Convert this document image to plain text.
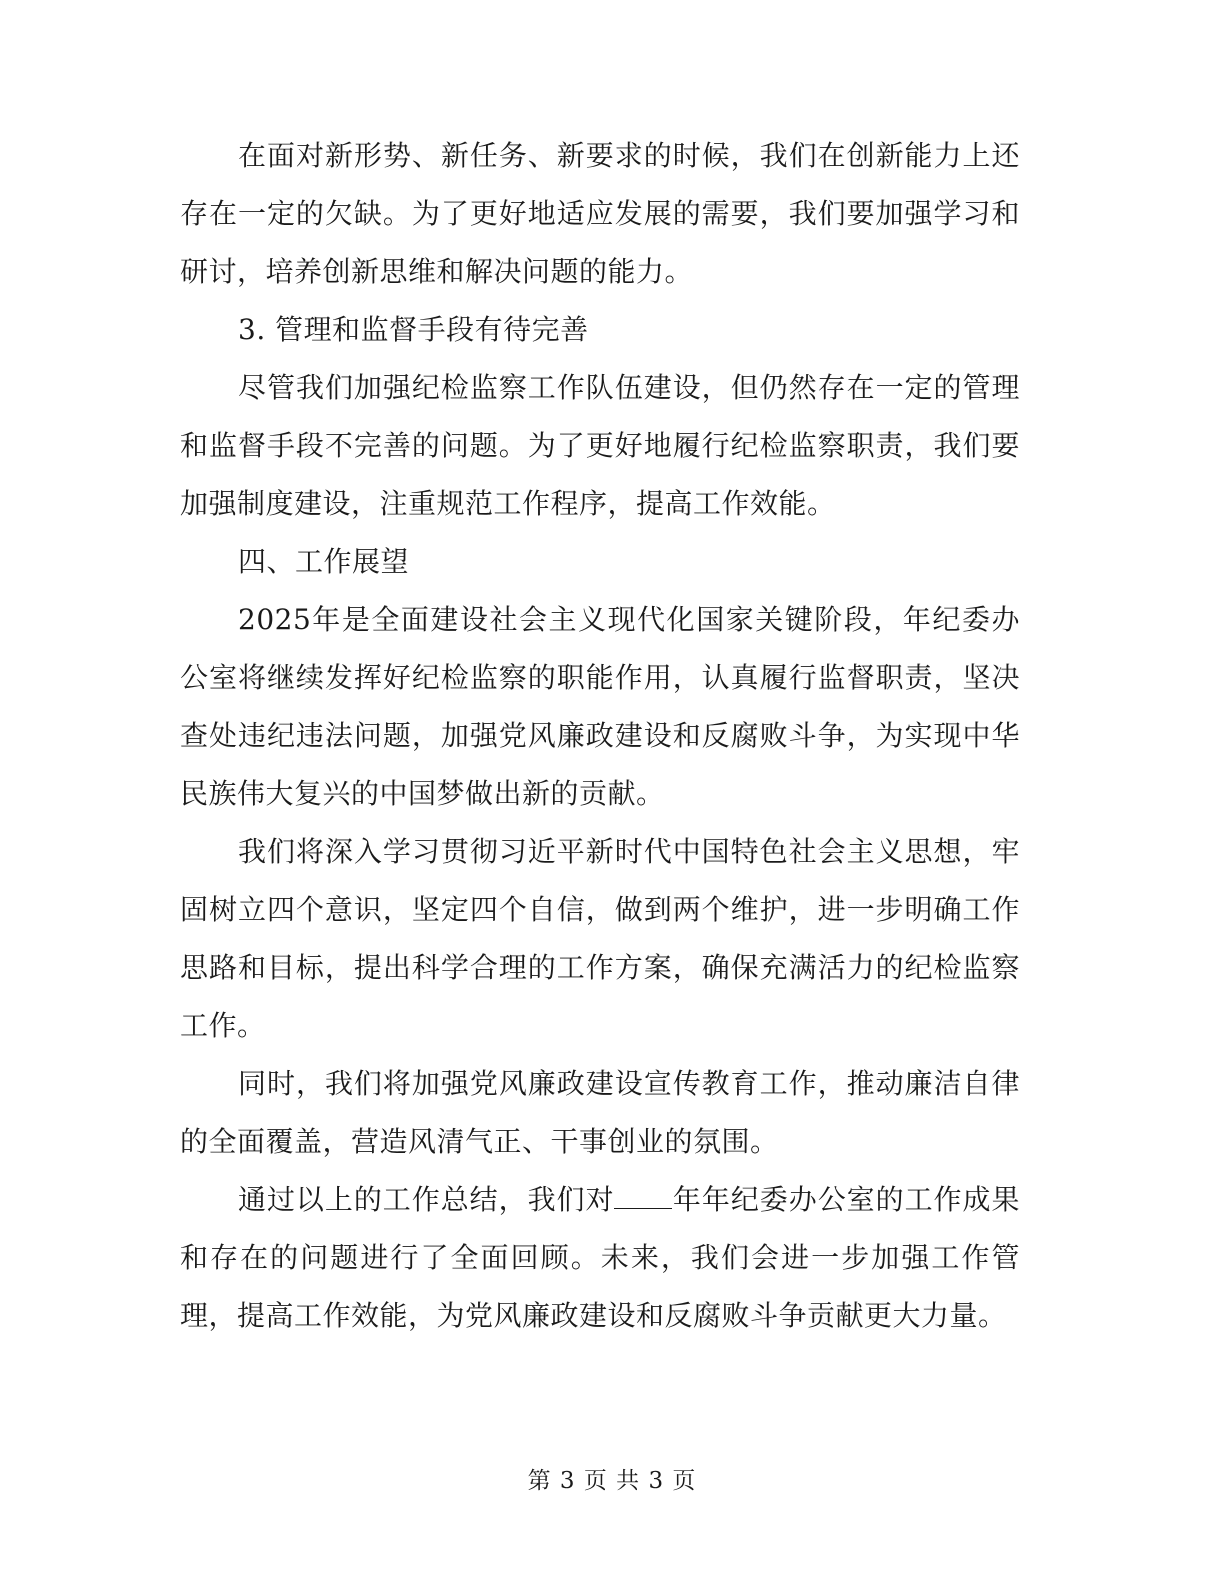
在面对新形势、新任务、新要求的时候，我们在创新能力上还存在一定的欠缺。为了更好地适应发展的需要，我们要加强学习和研讨，培养创新思维和解决问题的能力。

3. 管理和监督手段有待完善

尽管我们加强纪检监察工作队伍建设，但仍然存在一定的管理和监督手段不完善的问题。为了更好地履行纪检监察职责，我们要加强制度建设，注重规范工作程序，提高工作效能。

四、工作展望

2025年是全面建设社会主义现代化国家关键阶段，年纪委办公室将继续发挥好纪检监察的职能作用，认真履行监督职责，坚决查处违纪违法问题，加强党风廉政建设和反腐败斗争，为实现中华民族伟大复兴的中国梦做出新的贡献。

我们将深入学习贯彻习近平新时代中国特色社会主义思想，牢固树立四个意识，坚定四个自信，做到两个维护，进一步明确工作思路和目标，提出科学合理的工作方案，确保充满活力的纪检监察工作。

同时，我们将加强党风廉政建设宣传教育工作，推动廉洁自律的全面覆盖，营造风清气正、干事创业的氛围。

通过以上的工作总结，我们对 年年纪委办公室的工作成果和存在的问题进行了全面回顾。未来，我们会进一步加强工作管理，提高工作效能，为党风廉政建设和反腐败斗争贡献更大力量。

第 3 页 共 3 页
